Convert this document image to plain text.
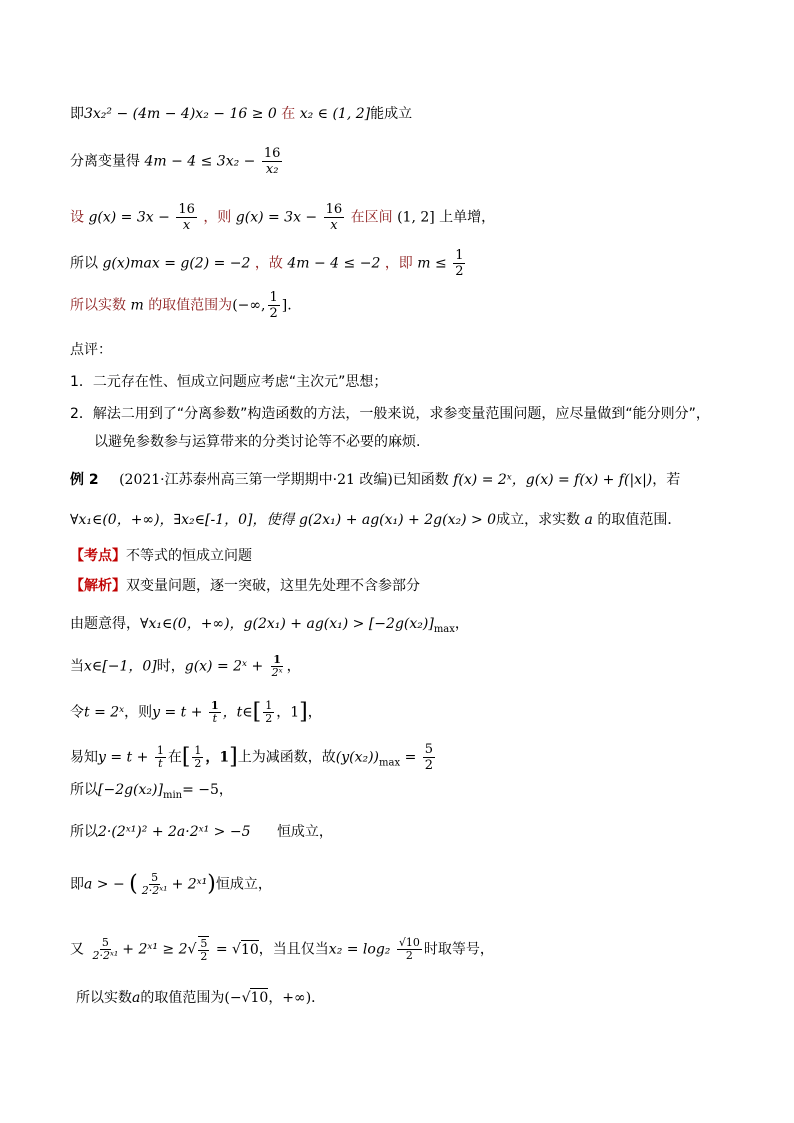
即3x₂² − (4m − 4)x₂ − 16 ≥ 0 在 x₂ ∈ (1, 2]能成立
分离变量得 $4m - 4 \le 3x_2 - \frac{16}{\text{x₂}}$
设 $g(x) = 3x - \frac{16}{x}$ ，则 $g(x) = 3x - \frac{16}{x}$ 在区间 (1, 2] 上单增，
所以 g(x)max = g(2) = −2 ，故 4m − 4 ≤ −2 ，即 $m \le \frac{1}{2}$
所以实数 m 的取值范围为(−∞, $\frac{1}{2}$ ].
点评：
1．二元存在性、恒成立问题应考虑“主次元”思想；
2．解法二用到了“分离参数”构造函数的方法，一般来说，求参变量范围问题，应尽量做到“能分则分”，
以避免参数参与运算带来的分类讨论等不必要的麻烦.
例 2 (2021·江苏泰州高三第一学期期中·21 改编)已知函数 f(x) = 2ˣ，g(x) = f(x) + f(|x|)，若
∀x₁∈(0，+∞)，∃x₂∈[-1，0]，使得 g(2x₁) + ag(x₁) + 2g(x₂) > 0成立，求实数 a 的取值范围．
【考点】不等式的恒成立问题
【解析】双变量问题，逐一突破，这里先处理不含参部分
由题意得，∀x₁∈(0，+∞)，$g(2x_1) + ag(x_1) > [-2g(x_2)]_{max}$，
当x∈[−1，0]时，g(x) = 2ˣ + $\frac{1}{\text{2ˣ}}$ ，
令t = 2ˣ，则$y = t + \frac{1}{t}$ ，t∈[ $\frac{1}{2}$ ，1]，
易知$y = t + \frac{1}{t}$ 在[ $\frac{1}{2}$ ，1]上为减函数，故$(y(x_2))_{max} = \frac{5}{2}$
所以$[-2g(x_2)]_{min}= -5$，
所以2·(2ˣ¹)² + 2a·2ˣ¹ > −5 恒成立，
即a > − ( $\frac{5}{\text{2·2ˣ¹}}$ + 2ˣ¹)恒成立，
又 $\frac{5}{\text{2·2ˣ¹}}$ + 2ˣ¹ ≥ $2√ \frac{5}{2} = √10$，当且仅当$x_2 = \log_2 \frac{√10}{2}$ 时取等号，
所以实数a的取值范围为(−√10，+∞)．
